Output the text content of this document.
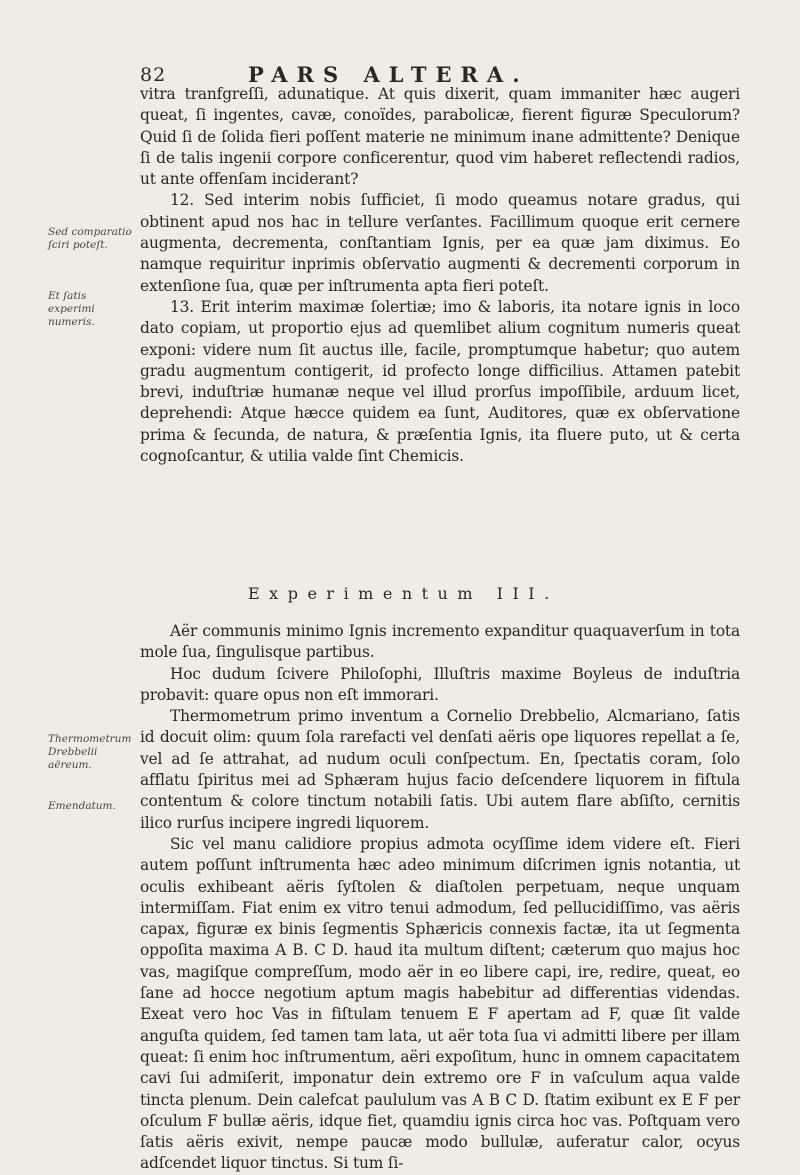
82	PARS ALTERA.

vitra tranfgreſſi, adunatique. At quis dixerit, quam immaniter hæc augeri queat, ſi ingentes, cavæ, conoïdes, parabolicæ, fierent figuræ Speculorum? Quid ſi de ſolida fieri poſſent materie ne minimum inane admittente? Denique ſi de talis ingenii corpore conficerentur, quod vim haberet reflectendi radios, ut ante offenſam inciderant?

12. Sed interim nobis ſufficiet, ſi modo queamus notare gradus, qui obtinent apud nos hac in tellure verſantes. Facillimum quoque erit cernere augmenta, decrementa, conſtantiam Ignis, per ea quæ jam diximus. Eo namque requiritur inprimis obſervatio augmenti & decrementi corporum in extenſione ſua, quæ per inſtrumenta apta fieri poteſt.

13. Erit interim maximæ ſolertiæ; imo & laboris, ita notare ignis in loco dato copiam, ut proportio ejus ad quemlibet alium cognitum numeris queat exponi: videre num ſit auctus ille, facile, promptumque habetur; quo autem gradu augmentum contigerit, id profecto longe difficilius. Attamen patebit brevi, induſtriæ humanæ neque vel illud prorſus impoſſibile, arduum licet, deprehendi: Atque hæcce quidem ea ſunt, Auditores, quæ ex obſervatione prima & ſecunda, de natura, & præſentia Ignis, ita fluere puto, ut & certa cognoſcantur, & utilia valde ſint Chemicis.

Experimentum III.

Aër communis minimo Ignis incremento expanditur quaquaverſum in tota mole ſua, ſingulisque partibus.

Hoc dudum ſcivere Philoſophi, Illuſtris maxime Boyleus de induſtria probavit: quare opus non eſt immorari.

Thermometrum primo inventum a Cornelio Drebbelio, Alcmariano, ſatis id docuit olim: quum ſola rarefacti vel denſati aëris ope liquores repellat a ſe, vel ad ſe attrahat, ad nudum oculi conſpectum. En, ſpectatis coram, ſolo afflatu ſpiritus mei ad Sphæram hujus facio deſcendere liquorem in fiſtula contentum & colore tinctum notabili ſatis. Ubi autem flare abſiſto, cernitis ilico rurſus incipere ingredi liquorem.

Sic vel manu calidiore propius admota ocyſſime idem videre eſt. Fieri autem poſſunt inſtrumenta hæc adeo minimum diſcrimen ignis notantia, ut oculis exhibeant aëris ſyſtolen & diaſtolen perpetuam, neque unquam intermiſſam. Fiat enim ex vitro tenui admodum, ſed pellucidiſſimo, vas aëris capax, figuræ ex binis ſegmentis Sphæricis connexis factæ, ita ut ſegmenta oppoſita maxima A B. C D. haud ita multum diſtent; cæterum quo majus hoc vas, magiſque compreſſum, modo aër in eo libere capi, ire, redire, queat, eo ſane ad hocce negotium aptum magis habebitur ad differentias videndas. Exeat vero hoc Vas in fiſtulam tenuem E F apertam ad F, quæ ſit valde anguſta quidem, ſed tamen tam lata, ut aër tota ſua vi admitti libere per illam queat: ſi enim hoc inſtrumentum, aëri expoſitum, hunc in omnem capacitatem cavi ſui admiſerit, imponatur dein extremo ore F in vaſculum aqua valde tincta plenum. Dein calefcat paululum vas A B C D. ſtatim exibunt ex E F per oſculum F bullæ aëris, idque fiet, quamdiu ignis circa hoc vas. Poſtquam vero ſatis aëris exivit, nempe paucæ modo bullulæ, auferatur calor, ocyus adſcendet liquor tinctus. Si tum ſi-

Sed comparatio ſciri poteſt.
Et ſatis experimi numeris.
Thermometrum Drebbelii aëreum.
Emendatum.
